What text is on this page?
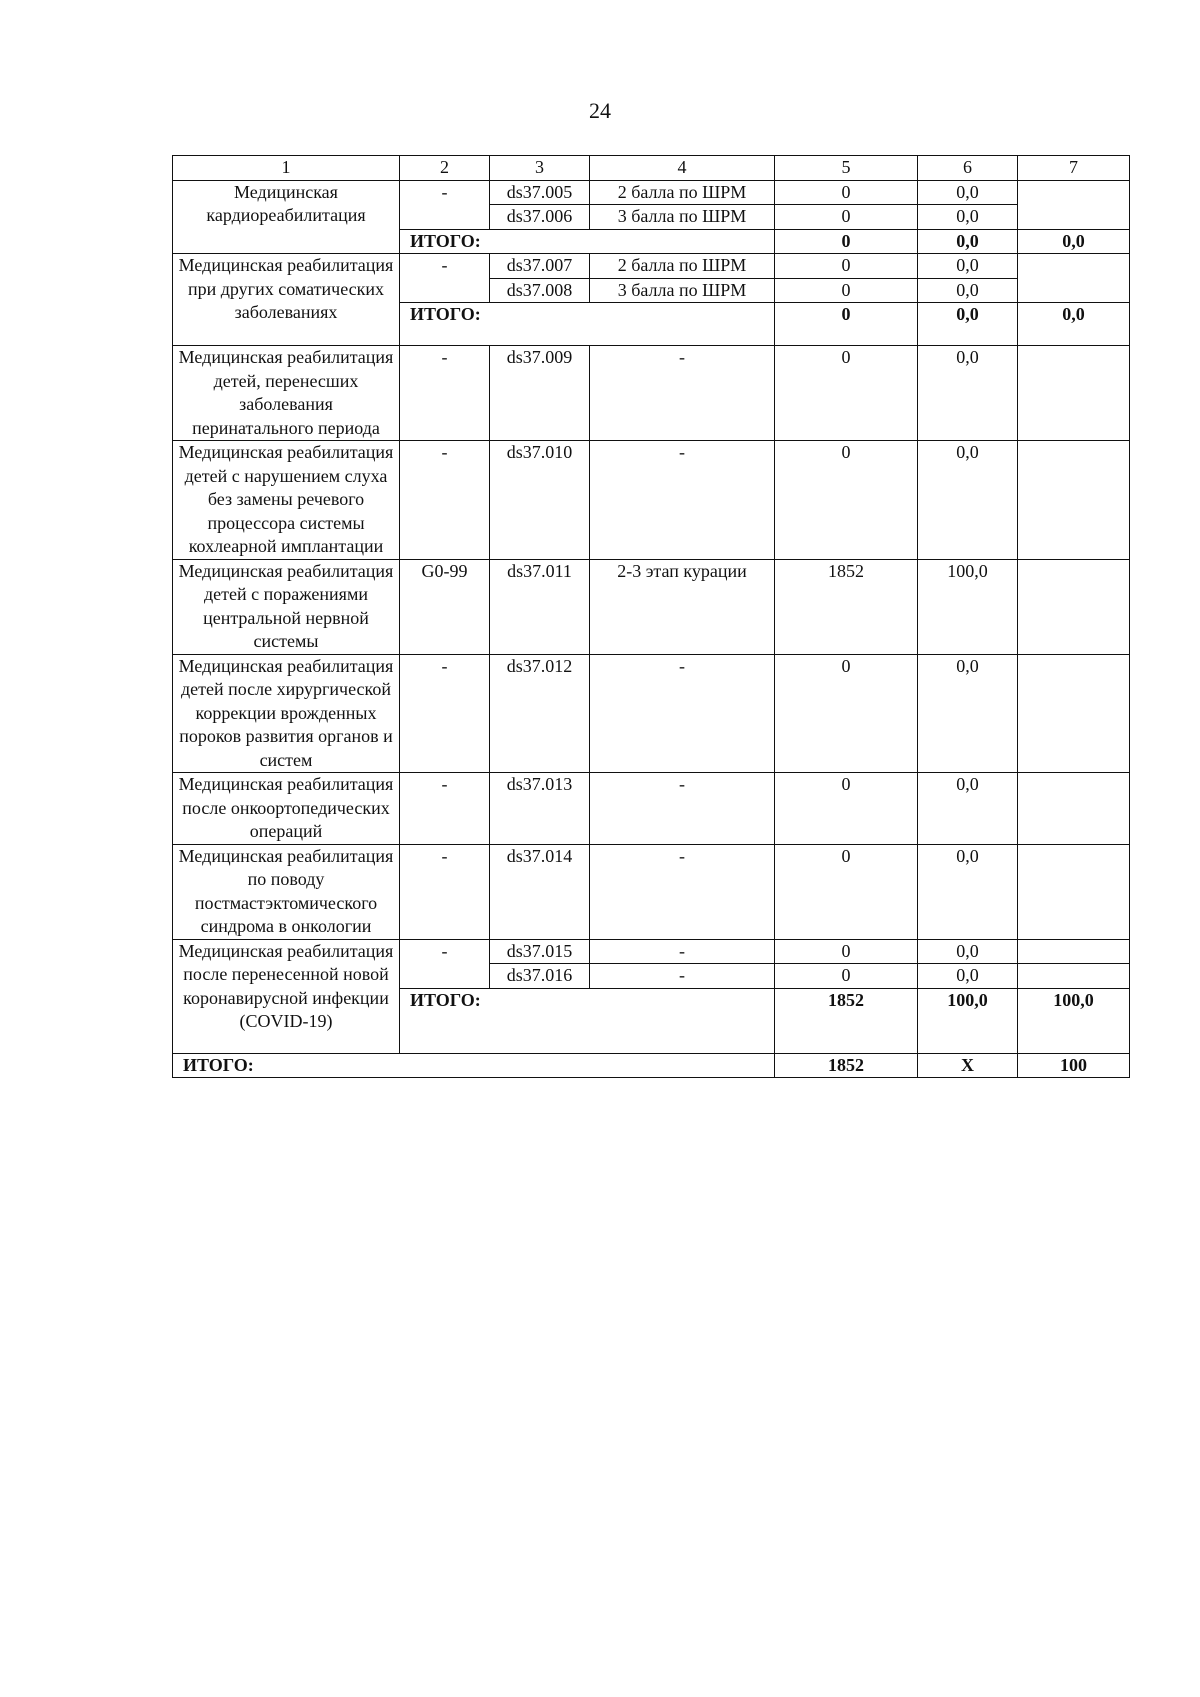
24
1	2	3	4	5	6	7
Медицинская кардиореабилитация	-	ds37.005	2 балла по ШРМ	0	0,0	
		ds37.006	3 балла по ШРМ	0	0,0	
	ИТОГО:			0	0,0	0,0
Медицинская реабилитация при других соматических заболеваниях	-	ds37.007	2 балла по ШРМ	0	0,0	
		ds37.008	3 балла по ШРМ	0	0,0	
	ИТОГО:			0	0,0	0,0
Медицинская реабилитация детей, перенесших заболевания перинатального периода	-	ds37.009	-	0	0,0	
Медицинская реабилитация детей с нарушением слуха без замены речевого процессора системы кохлеарной имплантации	-	ds37.010	-	0	0,0	
Медицинская реабилитация детей с поражениями центральной нервной системы	G0-99	ds37.011	2-3 этап курации	1852	100,0	
Медицинская реабилитация детей после хирургической коррекции врожденных пороков развития органов и систем	-	ds37.012	-	0	0,0	
Медицинская реабилитация после онкоортопедических операций	-	ds37.013	-	0	0,0	
Медицинская реабилитация по поводу постмастэктомического синдрома в онкологии	-	ds37.014	-	0	0,0	
Медицинская реабилитация после перенесенной новой коронавирусной инфекции (COVID-19)	-	ds37.015	-	0	0,0	
		ds37.016	-	0	0,0	
	ИТОГО:			1852	100,0	100,0
ИТОГО:				1852	Х	100
